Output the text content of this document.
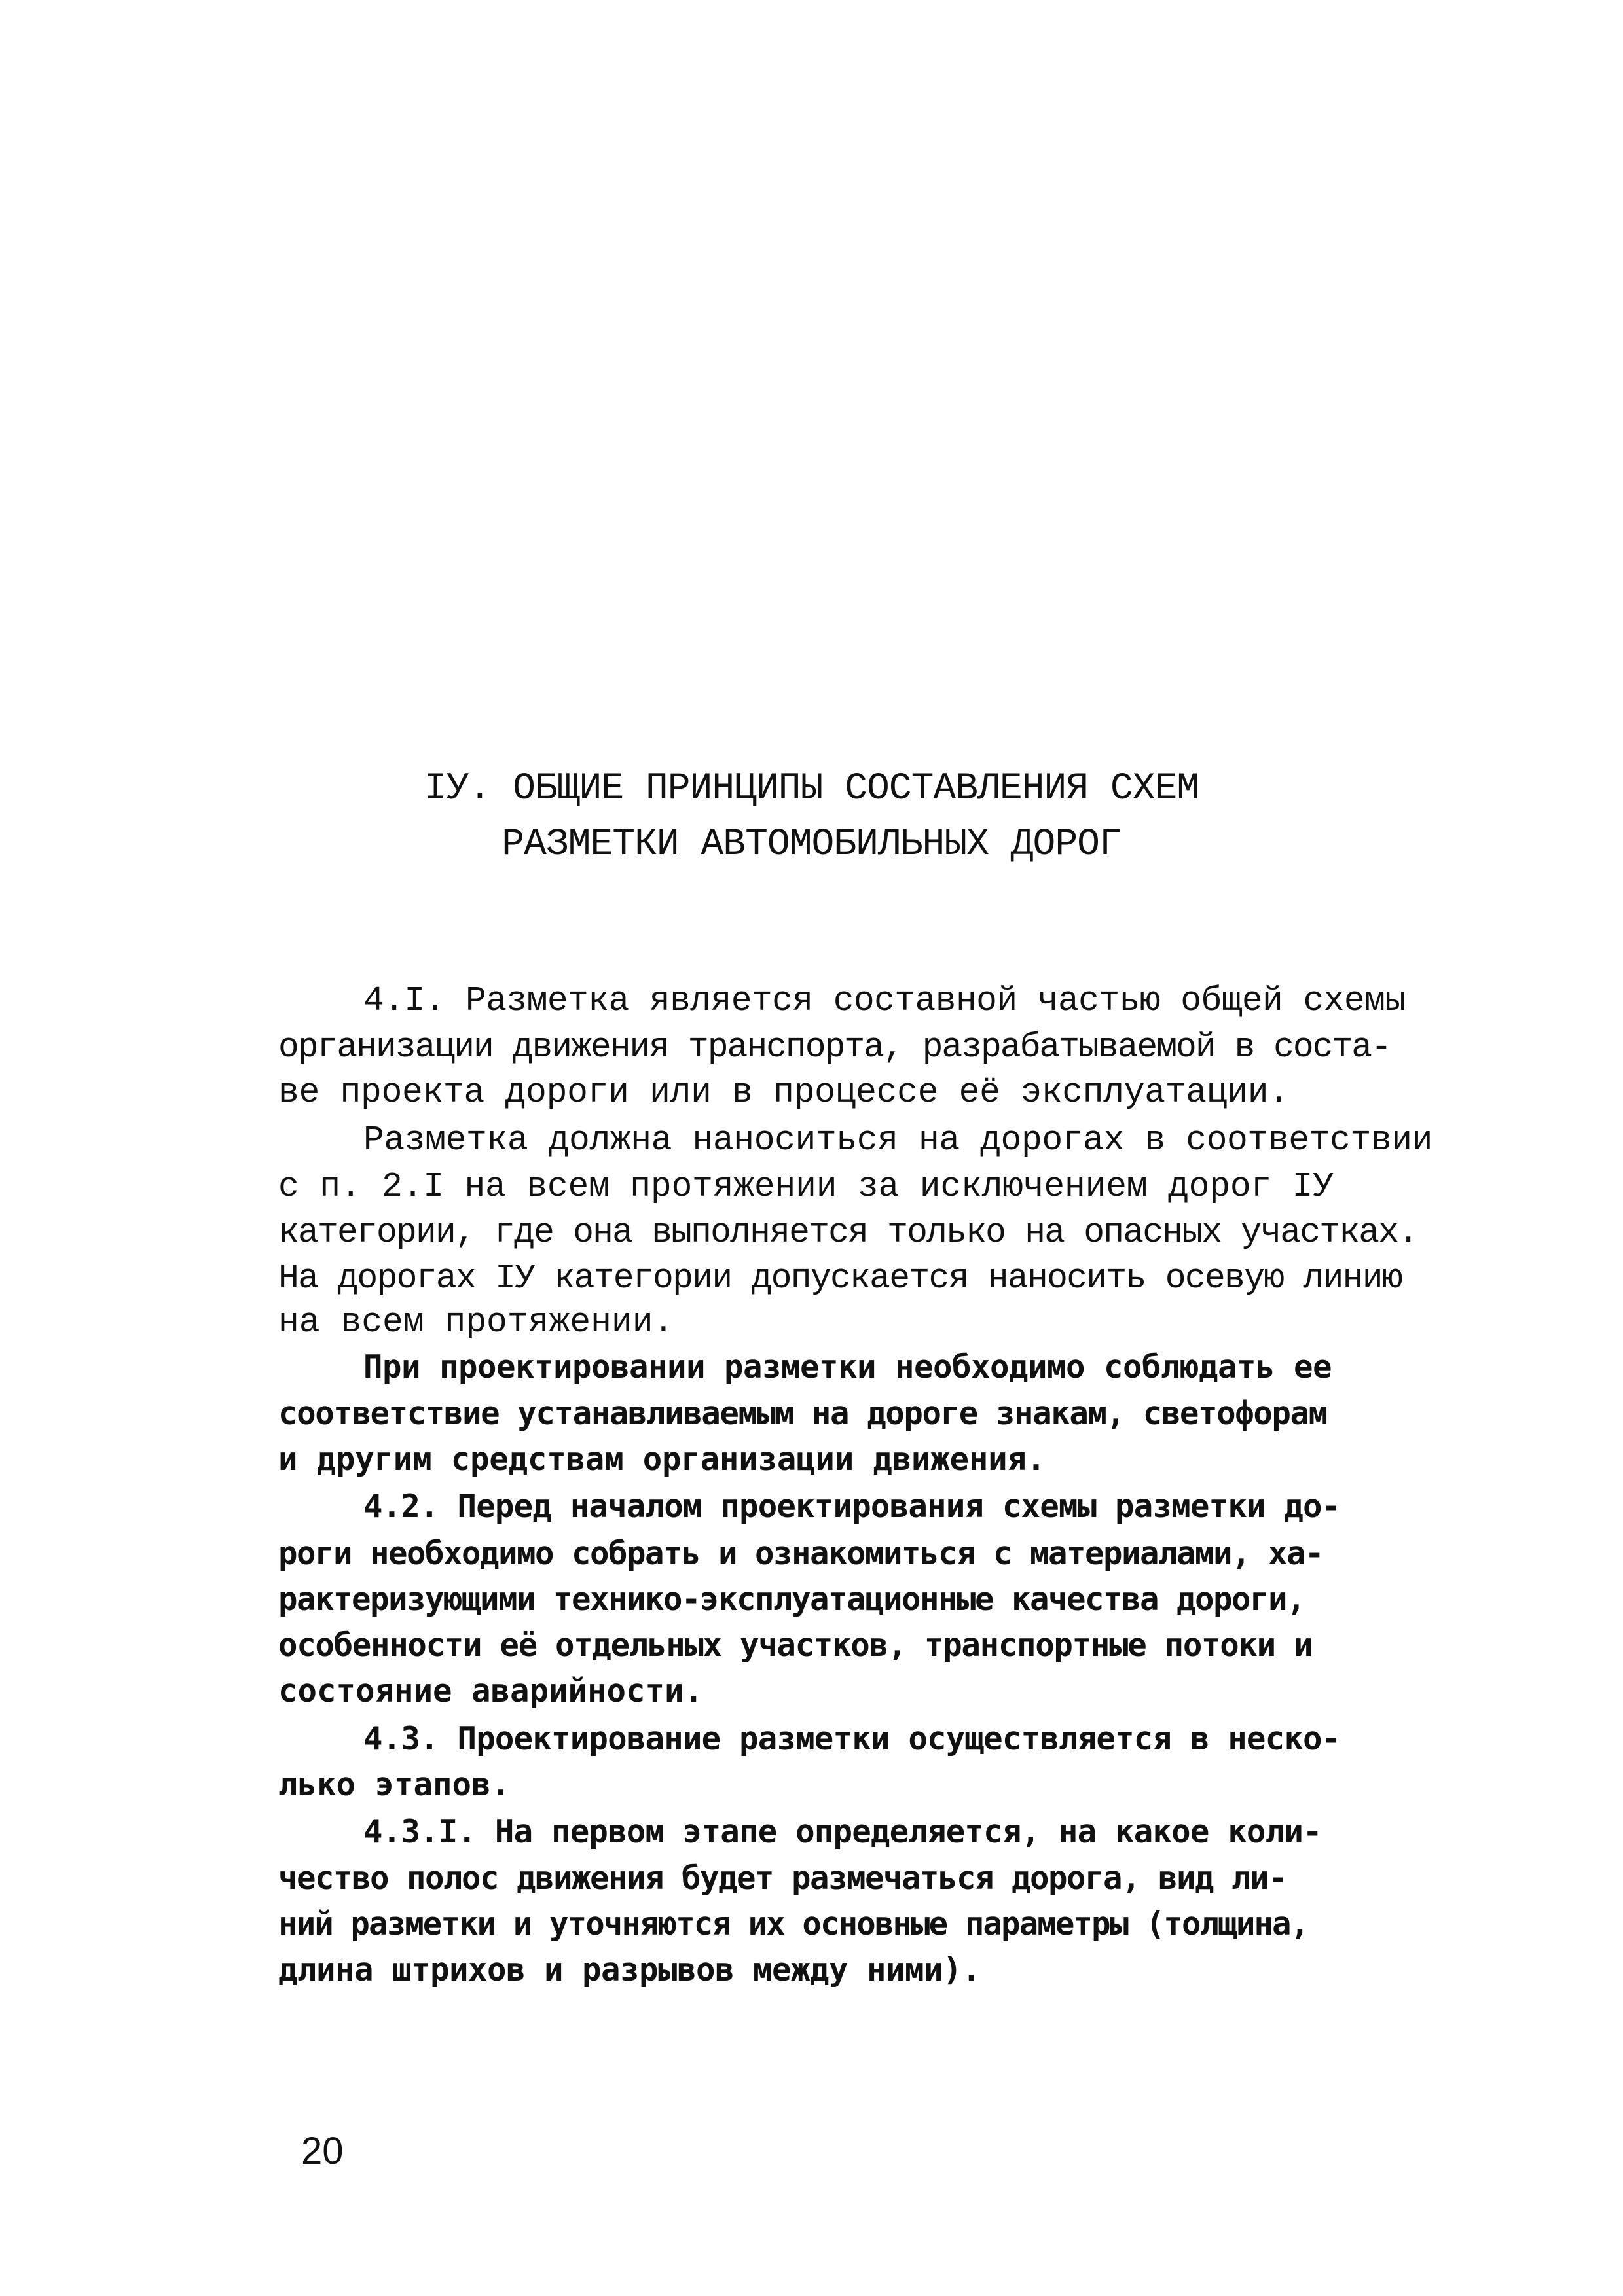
IУ. ОБЩИЕ ПРИНЦИПЫ СОСТАВЛЕНИЯ СХЕМ
РАЗМЕТКИ АВТОМОБИЛЬНЫХ ДОРОГ
4.I. Разметка является составной частью общей схемы
организации движения транспорта, разрабатываемой в соста-
ве проекта дороги или в процессе её эксплуатации.
Разметка должна наноситься на дорогах в соответствии
с п. 2.I на всем протяжении за исключением дорог IУ
категории, где она выполняется только на опасных участках.
На дорогах IУ категории допускается наносить осевую линию
на всем протяжении.
При проектировании разметки необходимо соблюдать ее
соответствие устанавливаемым на дороге знакам, светофорам
и другим средствам организации движения.
4.2. Перед началом проектирования схемы разметки до-
роги необходимо собрать и ознакомиться с материалами, ха-
рактеризующими технико-эксплуатационные качества дороги,
особенности её отдельных участков, транспортные потоки и
состояние аварийности.
4.3. Проектирование разметки осуществляется в неско-
лько этапов.
4.3.I. На первом этапе определяется, на какое коли-
чество полос движения будет размечаться дорога, вид ли-
ний разметки и уточняются их основные параметры (толщина,
длина штрихов и разрывов между ними).
20
